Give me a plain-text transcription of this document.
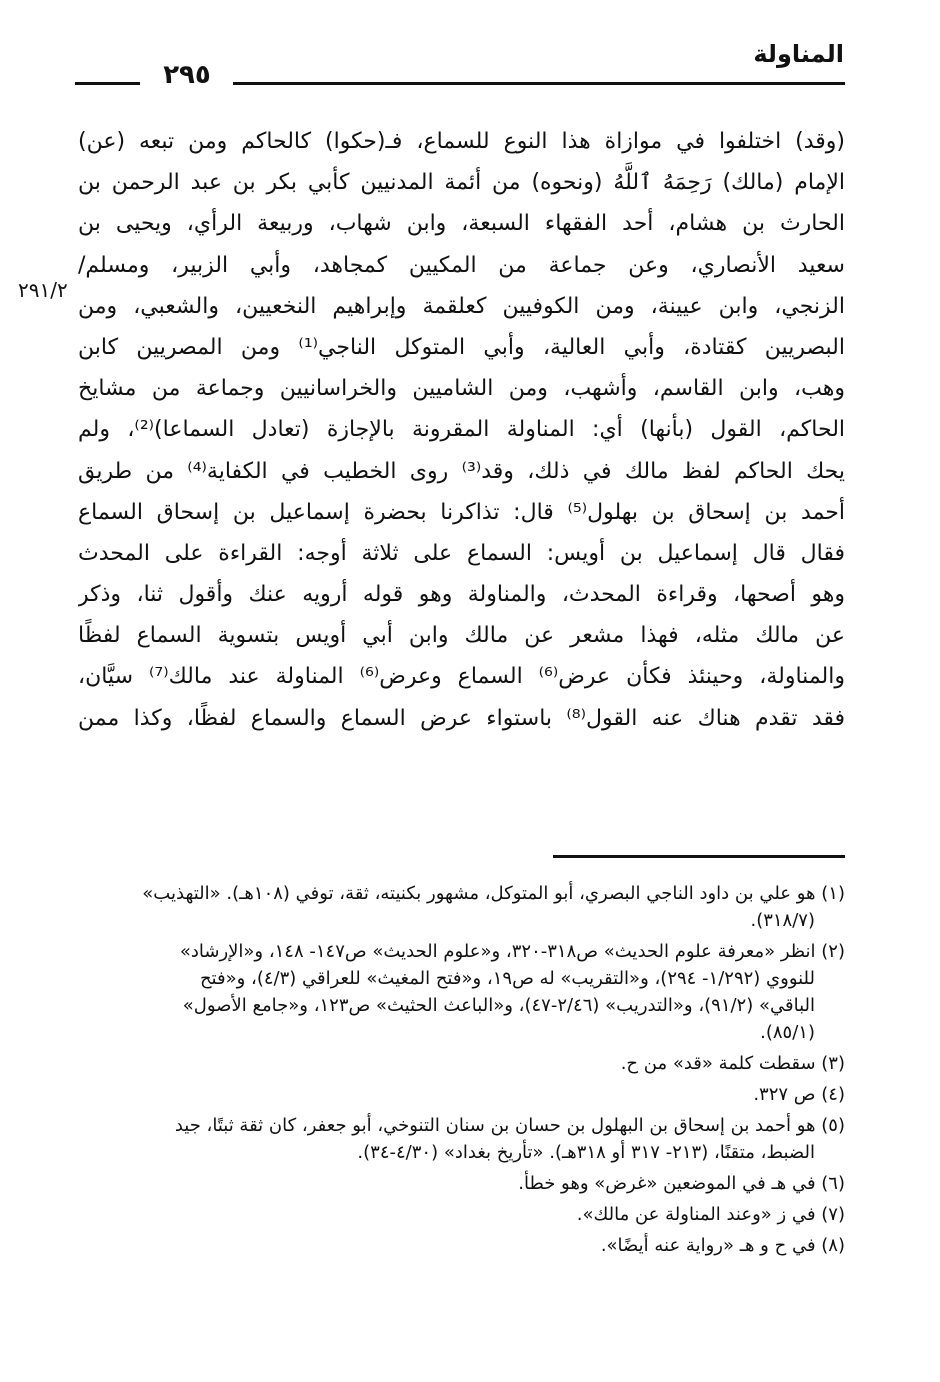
المناولة
٢٩٥
٢٩١/٢
(وقد) اختلفوا في موازاة هذا النوع للسماع، فـ(حكوا) كالحاكم ومن تبعه (عن)
الإمام (مالك) رَحِمَهُ ٱللَّهُ (ونحوه) من أئمة المدنيين كأبي بكر بن عبد الرحمن بن
الحارث بن هشام، أحد الفقهاء السبعة، وابن شهاب، وربيعة الرأي، ويحيى بن
سعيد الأنصاري، وعن جماعة من المكيين كمجاهد، وأبي الزبير، ومسلم/
الزنجي، وابن عيينة، ومن الكوفيين كعلقمة وإبراهيم النخعيين، والشعبي، ومن
البصريين كقتادة، وأبي العالية، وأبي المتوكل الناجي⁽¹⁾ ومن المصريين كابن
وهب، وابن القاسم، وأشهب، ومن الشاميين والخراسانيين وجماعة من مشايخ
الحاكم، القول (بأنها) أي: المناولة المقرونة بالإجازة (تعادل السماعا)⁽²⁾، ولم
يحك الحاكم لفظ مالك في ذلك، وقد⁽³⁾ روى الخطيب في الكفاية⁽⁴⁾ من طريق
أحمد بن إسحاق بن بهلول⁽⁵⁾ قال: تذاكرنا بحضرة إسماعيل بن إسحاق السماع
فقال قال إسماعيل بن أويس: السماع على ثلاثة أوجه: القراءة على المحدث
وهو أصحها، وقراءة المحدث، والمناولة وهو قوله أرويه عنك وأقول ثنا، وذكر
عن مالك مثله، فهذا مشعر عن مالك وابن أبي أويس بتسوية السماع لفظًا
والمناولة، وحينئذ فكأن عرض⁽⁶⁾ السماع وعرض⁽⁶⁾ المناولة عند مالك⁽⁷⁾ سيَّان،
فقد تقدم هناك عنه القول⁽⁸⁾ باستواء عرض السماع والسماع لفظًا، وكذا ممن
(١) هو علي بن داود الناجي البصري، أبو المتوكل، مشهور بكنيته، ثقة، توفي (١٠٨هـ). «التهذيب»
(٣١٨/٧).
(٢) انظر «معرفة علوم الحديث» ص٣١٨-٣٢٠، و«علوم الحديث» ص١٤٧- ١٤٨، و«الإرشاد»
للنووي (١/٢٩٢- ٢٩٤)، و«التقريب» له ص١٩، و«فتح المغيث» للعراقي (٤/٣)، و«فتح
الباقي» (٩١/٢)، و«التدريب» (٢/٤٦-٤٧)، و«الباعث الحثيث» ص١٢٣، و«جامع الأصول»
(٨٥/١).
(٣) سقطت كلمة «قد» من ح.
(٤) ص ٣٢٧.
(٥) هو أحمد بن إسحاق بن البهلول بن حسان بن سنان التنوخي، أبو جعفر، كان ثقة ثبتًا، جيد
الضبط، متقنًا، (٢١٣- ٣١٧ أو ٣١٨هـ). «تأريخ بغداد» (٤/٣٠-٣٤).
(٦) في هـ في الموضعين «غرض» وهو خطأ.
(٧) في ز «وعند المناولة عن مالك».
(٨) في ح و هـ «رواية عنه أيضًا».
